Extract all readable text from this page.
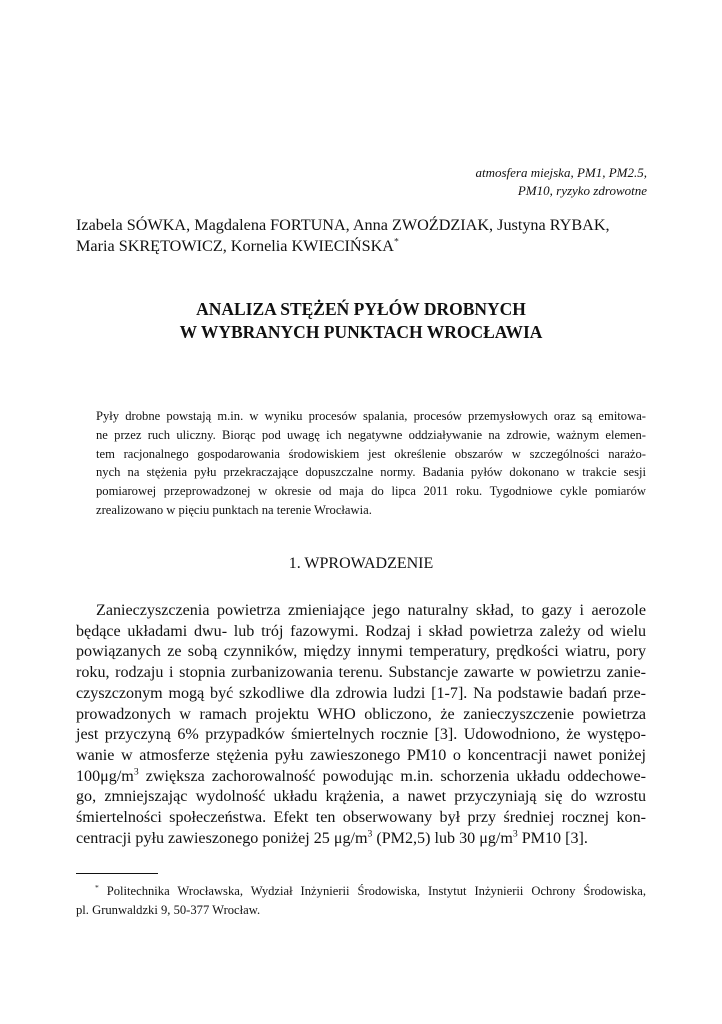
atmosfera miejska, PM1, PM2.5,
PM10, ryzyko zdrowotne
Izabela SÓWKA, Magdalena FORTUNA, Anna ZWOŹDZIAK, Justyna RYBAK,
Maria SKRĘTOWICZ, Kornelia KWIECIŃSKA*
ANALIZA STĘŻEŃ PYŁÓW DROBNYCH
W WYBRANYCH PUNKTACH WROCŁAWIA
Pyły drobne powstają m.in. w wyniku procesów spalania, procesów przemysłowych oraz są emitowa-
ne przez ruch uliczny. Biorąc pod uwagę ich negatywne oddziaływanie na zdrowie, ważnym elemen-
tem racjonalnego gospodarowania środowiskiem jest określenie obszarów w szczególności narażo-
nych na stężenia pyłu przekraczające dopuszczalne normy. Badania pyłów dokonano w trakcie sesji
pomiarowej przeprowadzonej w okresie od maja do lipca 2011 roku. Tygodniowe cykle pomiarów
zrealizowano w pięciu punktach na terenie Wrocławia.
1. WPROWADZENIE
Zanieczyszczenia powietrza zmieniające jego naturalny skład, to gazy i aerozole
będące układami dwu- lub trój fazowymi. Rodzaj i skład powietrza zależy od wielu
powiązanych ze sobą czynników, między innymi temperatury, prędkości wiatru, pory
roku, rodzaju i stopnia zurbanizowania terenu. Substancje zawarte w powietrzu zanie-
czyszczonym mogą być szkodliwe dla zdrowia ludzi [1-7]. Na podstawie badań prze-
prowadzonych w ramach projektu WHO obliczono, że zanieczyszczenie powietrza
jest przyczyną 6% przypadków śmiertelnych rocznie [3]. Udowodniono, że występo-
wanie w atmosferze stężenia pyłu zawieszonego PM10 o koncentracji nawet poniżej
$100\mu g/m^3$ zwiększa zachorowalność powodując m.in. schorzenia układu oddechowe-
go, zmniejszając wydolność układu krążenia, a nawet przyczyniają się do wzrostu
śmiertelności społeczeństwa. Efekt ten obserwowany był przy średniej rocznej kon-
centracji pyłu zawieszonego poniżej 25 $\mu g/m^3$ (PM2,5) lub 30 $\mu g/m^3$ PM10 [3].
* Politechnika Wrocławska, Wydział Inżynierii Środowiska, Instytut Inżynierii Ochrony Środowiska,
pl. Grunwaldzki 9, 50-377 Wrocław.
